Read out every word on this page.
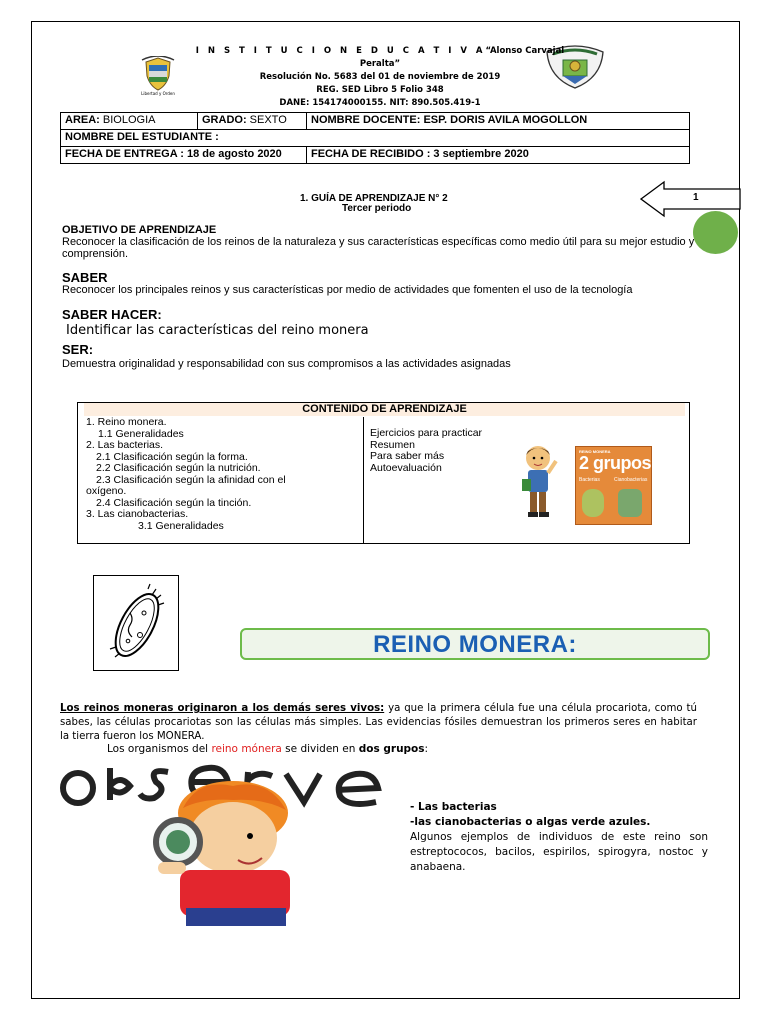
Libertad y Orden
I N S T I T U C I O N E D U C A T I V A“Alonso Carvajal Peralta”
Resolución No. 5683 del 01 de noviembre de 2019
REG. SED Libro 5 Folio 348
DANE: 154174000155. NIT: 890.505.419-1
AREA: BIOLOGIA	GRADO: SEXTO	NOMBRE DOCENTE: ESP. DORIS AVILA MOGOLLON
NOMBRE DEL ESTUDIANTE :		
FECHA DE ENTREGA : 18 de agosto 2020		FECHA DE RECIBIDO : 3 septiembre 2020
1. GUÍA DE APRENDIZAJE N° 2
Tercer periodo
1
OBJETIVO DE APRENDIZAJE
Reconocer la clasificación de los reinos de la naturaleza y sus características específicas como medio útil para su mejor estudio y comprensión.
SABER
Reconocer los principales reinos y sus características por medio de actividades que fomenten el uso de la tecnología
SABER HACER:
Identificar las características del reino monera
SER:
Demuestra originalidad y responsabilidad con sus compromisos a las actividades asignadas
CONTENIDO DE APRENDIZAJE
1. Reino monera.
1.1 Generalidades
2. Las bacterias.
2.1 Clasificación según la forma.
2.2 Clasificación según la nutrición.
2.3 Clasificación según la afinidad con el
oxígeno.
2.4 Clasificación según la tinción.
3. Las cianobacterias.
3.1 Generalidades
Ejercicios para practicar
Resumen
Para saber más
Autoevaluación
REINO MONERA
2 grupos
Bacterias	Cianobacterias
REINO MONERA:
Los reinos moneras originaron a los demás seres vivos: ya que la primera célula fue una célula procariota, como tú sabes, las células procariotas son las células más simples. Las evidencias fósiles demuestran los primeros seres en habitar la tierra fueron los MONERA.
Los organismos del reino mónera se dividen en dos grupos:
- Las bacterias
-las cianobacterias o algas verde azules.
Algunos ejemplos de individuos de este reino son estreptococos, bacilos, espirilos, spirogyra, nostoc y anabaena.
